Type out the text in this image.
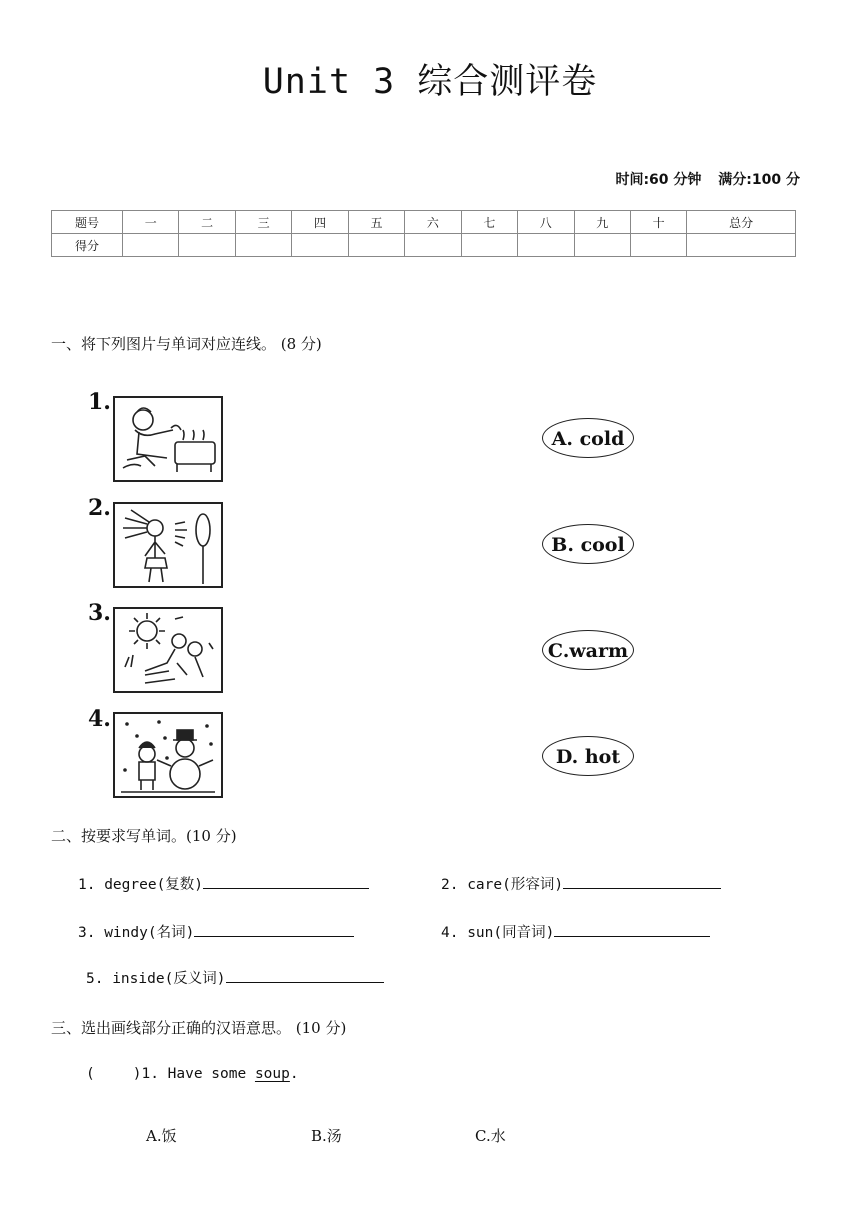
Unit 3 综合测评卷
时间:60 分钟 满分:100 分
题号	一	二	三	四	五	六	七	八	九	十	总分
得分											
一、将下列图片与单词对应连线。 (8 分)
1.
2.
3.
4.
A. cold
B. cool
C.warm
D. hot
二、按要求写单词。(10 分)
1. degree(复数)	2. care(形容词)
3. windy(名词)	4. sun(同音词)
5. inside(反义词)
三、选出画线部分正确的汉语意思。 (10 分)
(	)1. Have some soup.
A.饭	B.汤	C.水
